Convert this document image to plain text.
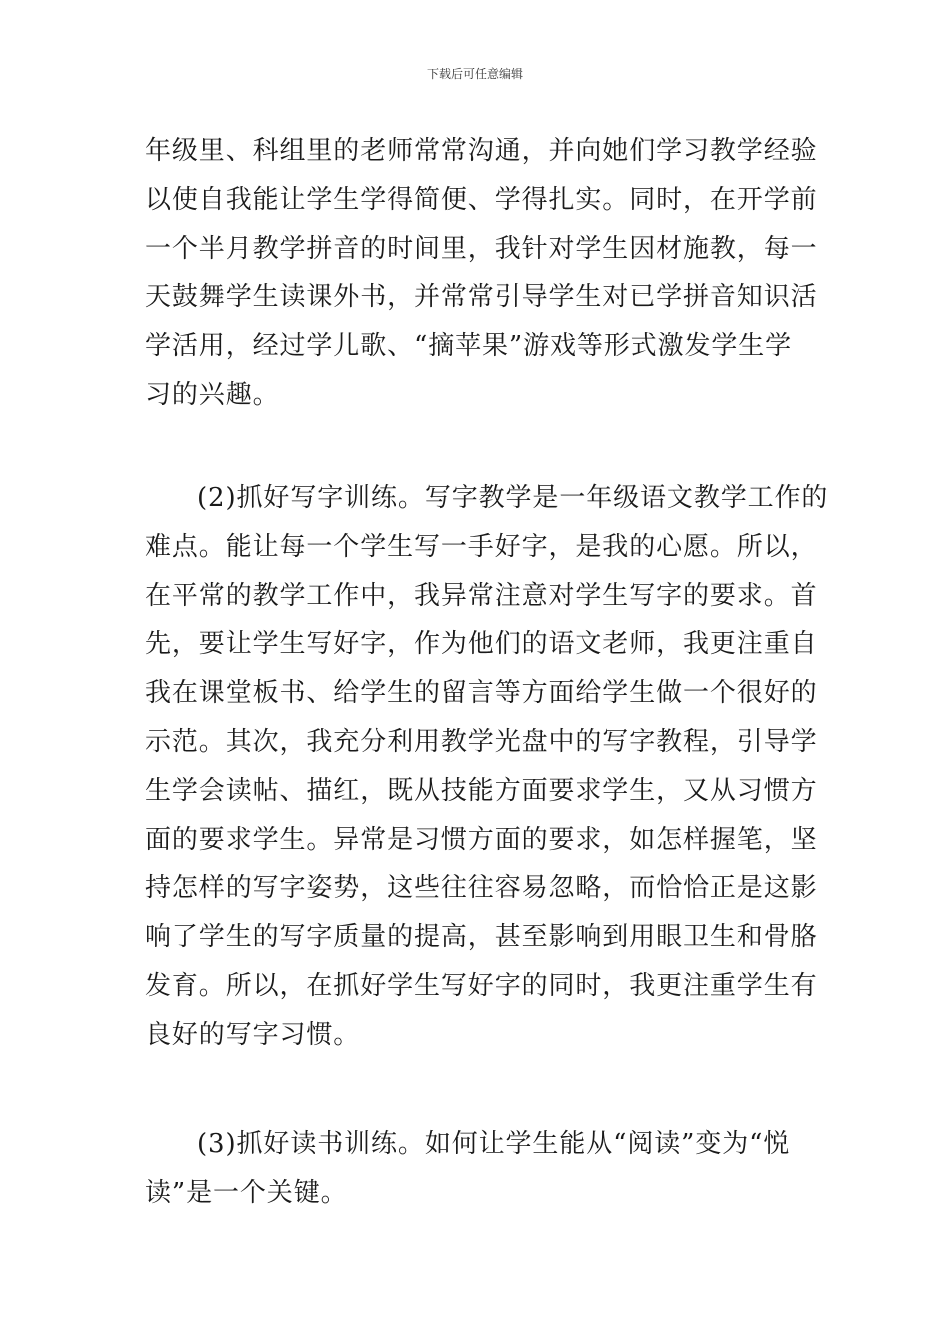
下载后可任意编辑
年级里、科组里的老师常常沟通，并向她们学习教学经验
以使自我能让学生学得简便、学得扎实。同时，在开学前
一个半月教学拼音的时间里，我针对学生因材施教，每一
天鼓舞学生读课外书，并常常引导学生对已学拼音知识活
学活用，经过学儿歌、“摘苹果”游戏等形式激发学生学
习的兴趣。
(2)抓好写字训练。写字教学是一年级语文教学工作的
难点。能让每一个学生写一手好字，是我的心愿。所以，
在平常的教学工作中，我异常注意对学生写字的要求。首
先，要让学生写好字，作为他们的语文老师，我更注重自
我在课堂板书、给学生的留言等方面给学生做一个很好的
示范。其次，我充分利用教学光盘中的写字教程，引导学
生学会读帖、描红，既从技能方面要求学生，又从习惯方
面的要求学生。异常是习惯方面的要求，如怎样握笔，坚
持怎样的写字姿势，这些往往容易忽略，而恰恰正是这影
响了学生的写字质量的提高，甚至影响到用眼卫生和骨胳
发育。所以，在抓好学生写好字的同时，我更注重学生有
良好的写字习惯。
(3)抓好读书训练。如何让学生能从“阅读”变为“悦
读”是一个关键。
